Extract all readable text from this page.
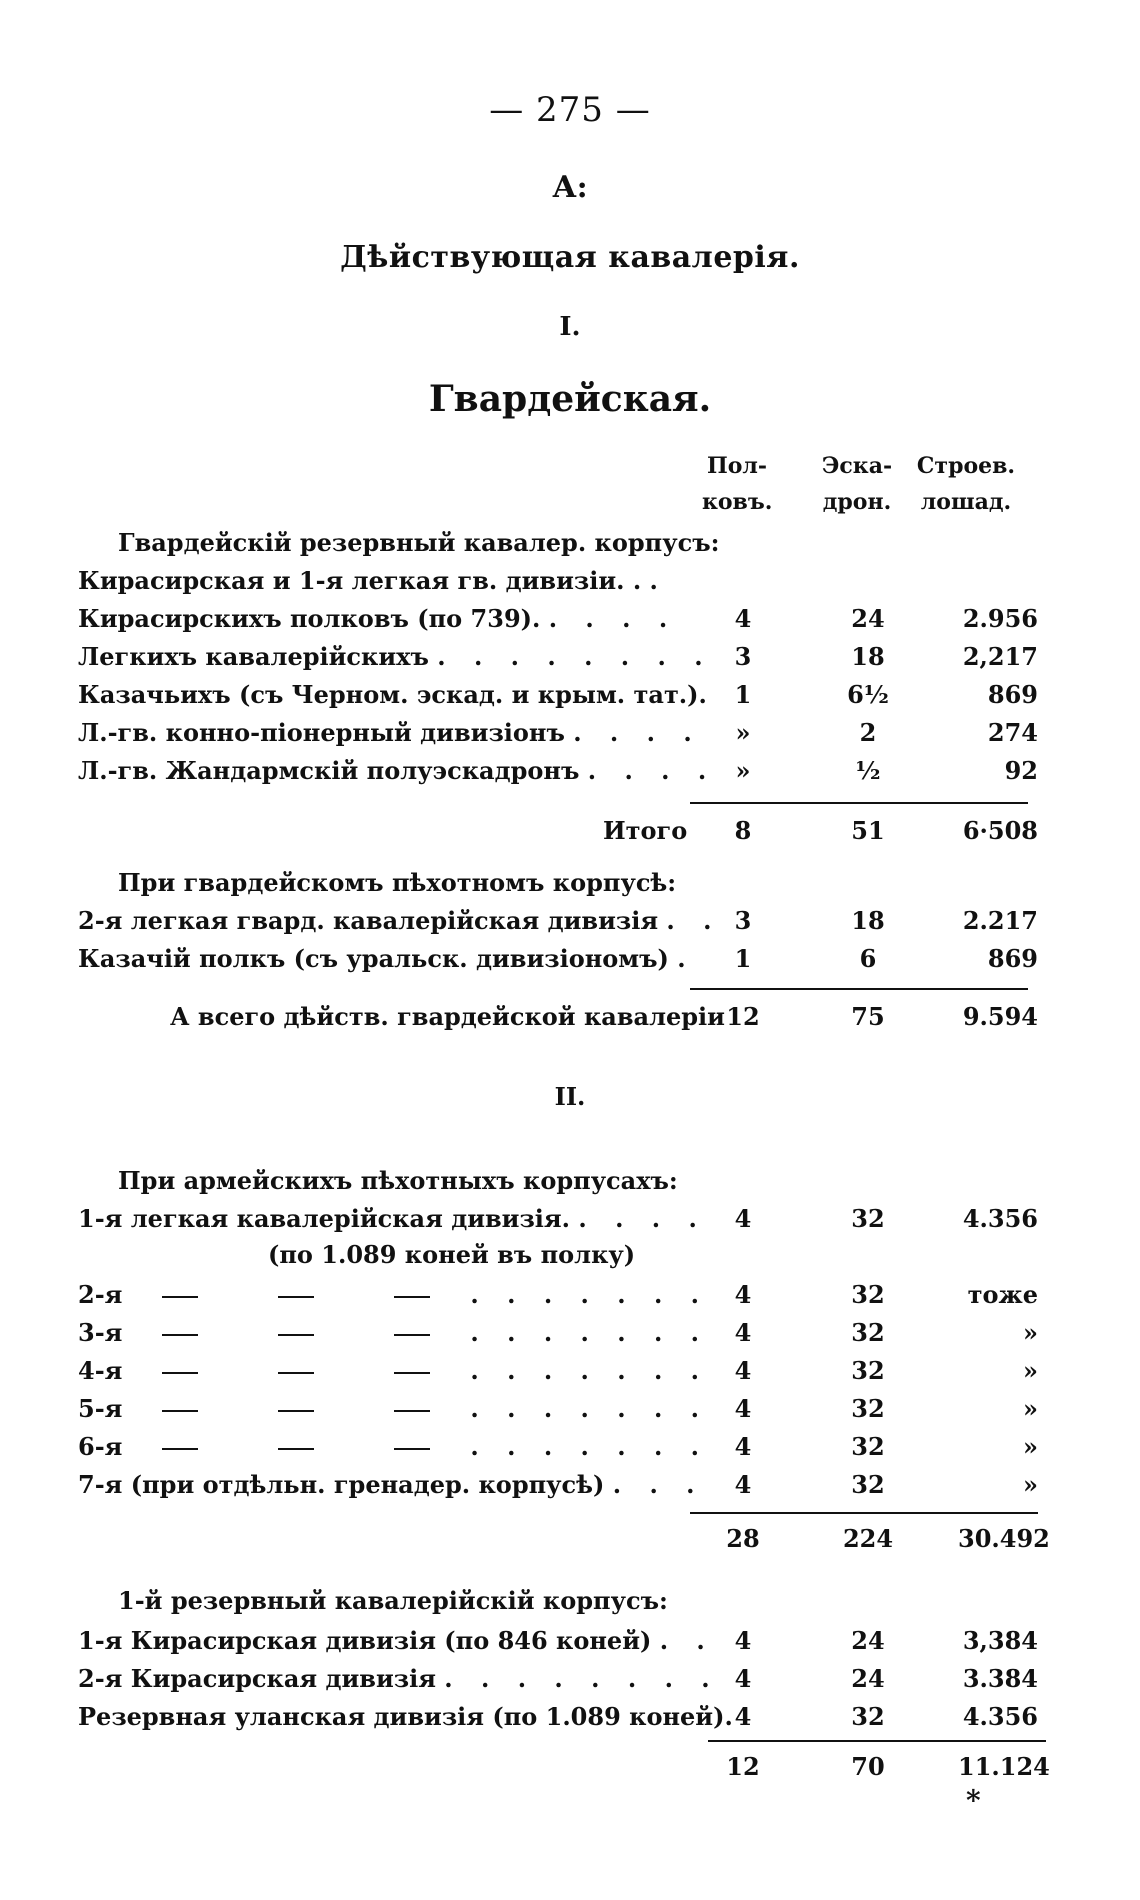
— 275 —
А:
Дѣйствующая кавалерія.
I.
Гвардейская.
Пол-
ковъ.
Эска-
дрон.
Строев.
лошад.
Гвардейскій резервный кавалер. корпусъ:
Кирасирская и 1-я легкая гв. дивизіи. . .
Кирасирскихъ полковъ (по 739). . . . .	4	24	2.956
Легкихъ кавалерійскихъ . . . . . . . . 3	18	2,217
Казачьихъ (съ Черном. эскад. и крым. тат.).	1	6½	869
Л.-гв. конно-піонерный дивизіонъ . . . .	»	2	274
Л.-гв. Жандармскій полуэскадронъ . . . . »	½	92
Итого	8	51	6·508
При гвардейскомъ пѣхотномъ корпусѣ:
2-я легкая гвард. кавалерійская дивизія . . 3	18	2.217
Казачій полкъ (съ уральск. дивизіономъ) .	1	6	869
А всего дѣйств. гвардейской кавалеріи 12	75	9.594
II.
При армейскихъ пѣхотныхъ корпусахъ:
1-я легкая кавалерійская дивизія. . . . .	4	32	4.356
(по 1.089 коней въ полку)
2-я	. . . . . . .	4	32	тоже
3-я	. . . . . . .	4	32	»
4-я	. . . . . . .	4	32	»
5-я	. . . . . . .	4	32	»
6-я	. . . . . . .	4	32	»
7-я (при отдѣльн. гренадер. корпусѣ) . . .	4	32	»
28	224	30.492
1-й резервный кавалерійскій корпусъ:
1-я Кирасирская дивизія (по 846 коней) . . 4	24	3,384
2-я Кирасирская дивизія . . . . . . . . 4	24	3.384
Резервная уланская дивизія (по 1.089 коней). 4	32	4.356
12	70	11.124
*
